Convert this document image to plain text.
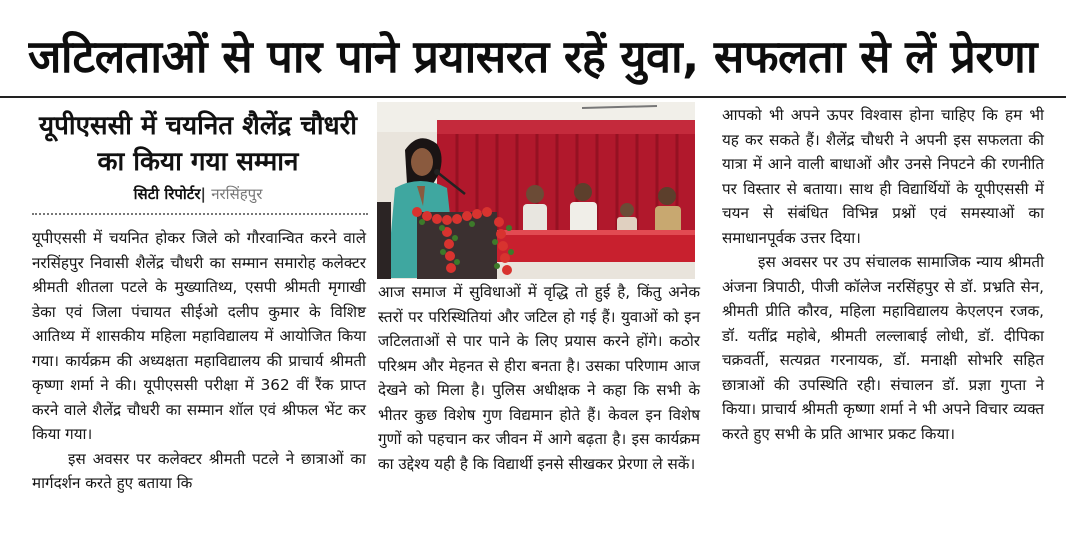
जटिलताओं से पार पाने प्रयासरत रहें युवा, सफलता से लें प्रेरणा
यूपीएससी में चयनित शैलेंद्र चौधरी का किया गया सम्मान
सिटी रिपोर्टर| नरसिंहपुर

यूपीएससी में चयनित होकर जिले को गौरवान्वित करने वाले नरसिंहपुर निवासी शैलेंद्र चौधरी का सम्मान समारोह कलेक्टर श्रीमती शीतला पटले के मुख्यातिथ्य, एसपी श्रीमती मृगाखी डेका एवं जिला पंचायत सीईओ दलीप कुमार के विशिष्ट आतिथ्य में शासकीय महिला महाविद्यालय में आयोजित किया गया। कार्यक्रम की अध्यक्षता महाविद्यालय की प्राचार्य श्रीमती कृष्णा शर्मा ने की। यूपीएससी परीक्षा में 362 वीं रैंक प्राप्त करने वाले शैलेंद्र चौधरी का सम्मान शॉल एवं श्रीफल भेंट कर किया गया।

इस अवसर पर कलेक्टर श्रीमती पटले ने छात्राओं का मार्गदर्शन करते हुए बताया कि

आज समाज में सुविधाओं में वृद्धि तो हुई है, किंतु अनेक स्तरों पर परिस्थितियां और जटिल हो गई हैं। युवाओं को इन जटिलताओं से पार पाने के लिए प्रयास करने होंगे। कठोर परिश्रम और मेहनत से हीरा बनता है। उसका परिणाम आज देखने को मिला है। पुलिस अधीक्षक ने कहा कि सभी के भीतर कुछ विशेष गुण विद्यमान होते हैं। केवल इन विशेष गुणों को पहचान कर जीवन में आगे बढ़ता है। इस कार्यक्रम का उद्देश्य यही है कि विद्यार्थी इनसे सीखकर प्रेरणा ले सकें।

आपको भी अपने ऊपर विश्वास होना चाहिए कि हम भी यह कर सकते हैं। शैलेंद्र चौधरी ने अपनी इस सफलता की यात्रा में आने वाली बाधाओं और उनसे निपटने की रणनीति पर विस्तार से बताया। साथ ही विद्यार्थियों के यूपीएससी में चयन से संबंधित विभिन्न प्रश्नों एवं समस्याओं का समाधानपूर्वक उत्तर दिया।

इस अवसर पर उप संचालक सामाजिक न्याय श्रीमती अंजना त्रिपाठी, पीजी कॉलेज नरसिंहपुर से डॉ. प्रभ्रति सेन, श्रीमती प्रीति कौरव, महिला महाविद्यालय केएलएन रजक, डॉ. यतींद्र महोबे, श्रीमती लल्लाबाई लोधी, डॉ. दीपिका चक्रवर्ती, सत्यव्रत गरनायक, डॉ. मनाक्षी सोभरि सहित छात्राओं की उपस्थिति रही। संचालन डॉ. प्रज्ञा गुप्ता ने किया। प्राचार्य श्रीमती कृष्णा शर्मा ने भी अपने विचार व्यक्त करते हुए सभी के प्रति आभार प्रकट किया।
